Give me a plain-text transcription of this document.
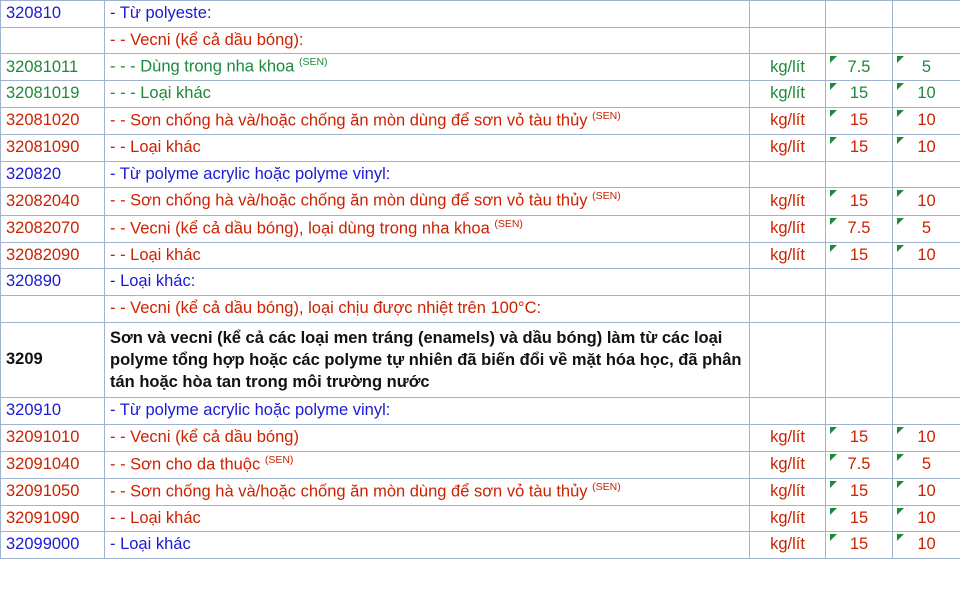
320810	- Từ polyeste:			
	- - Vecni (kể cả dầu bóng):			
32081011	- - - Dùng trong nha khoa $^{(SEN)}$	kg/lít	7.5	5
32081019	- - - Loại khác	kg/lít	15	10
32081020	- - Sơn chống hà và/hoặc chống ăn mòn dùng để sơn vỏ tàu thủy $^{(SEN)}$	kg/lít	15	10
32081090	- - Loại khác	kg/lít	15	10
320820	- Từ polyme acrylic hoặc polyme vinyl:			
32082040	- - Sơn chống hà và/hoặc chống ăn mòn dùng để sơn vỏ tàu thủy $^{(SEN)}$	kg/lít	15	10
32082070	- - Vecni (kể cả dầu bóng), loại dùng trong nha khoa $^{(SEN)}$	kg/lít	7.5	5
32082090	- - Loại khác	kg/lít	15	10
320890	- Loại khác:			
	- - Vecni (kể cả dầu bóng), loại chịu được nhiệt trên 100°C:			
3209	Sơn và vecni (kể cả các loại men tráng (enamels) và dầu bóng) làm từ các loại polyme tổng hợp hoặc các polyme tự nhiên đã biến đổi về mặt hóa học, đã phân tán hoặc hòa tan trong môi trường nước			
320910	- Từ polyme acrylic hoặc polyme vinyl:			
32091010	- - Vecni (kể cả dầu bóng)	kg/lít	15	10
32091040	- - Sơn cho da thuộc $^{(SEN)}$	kg/lít	7.5	5
32091050	- - Sơn chống hà và/hoặc chống ăn mòn dùng để sơn vỏ tàu thủy $^{(SEN)}$	kg/lít	15	10
32091090	- - Loại khác	kg/lít	15	10
32099000	- Loại khác	kg/lít	15	10
